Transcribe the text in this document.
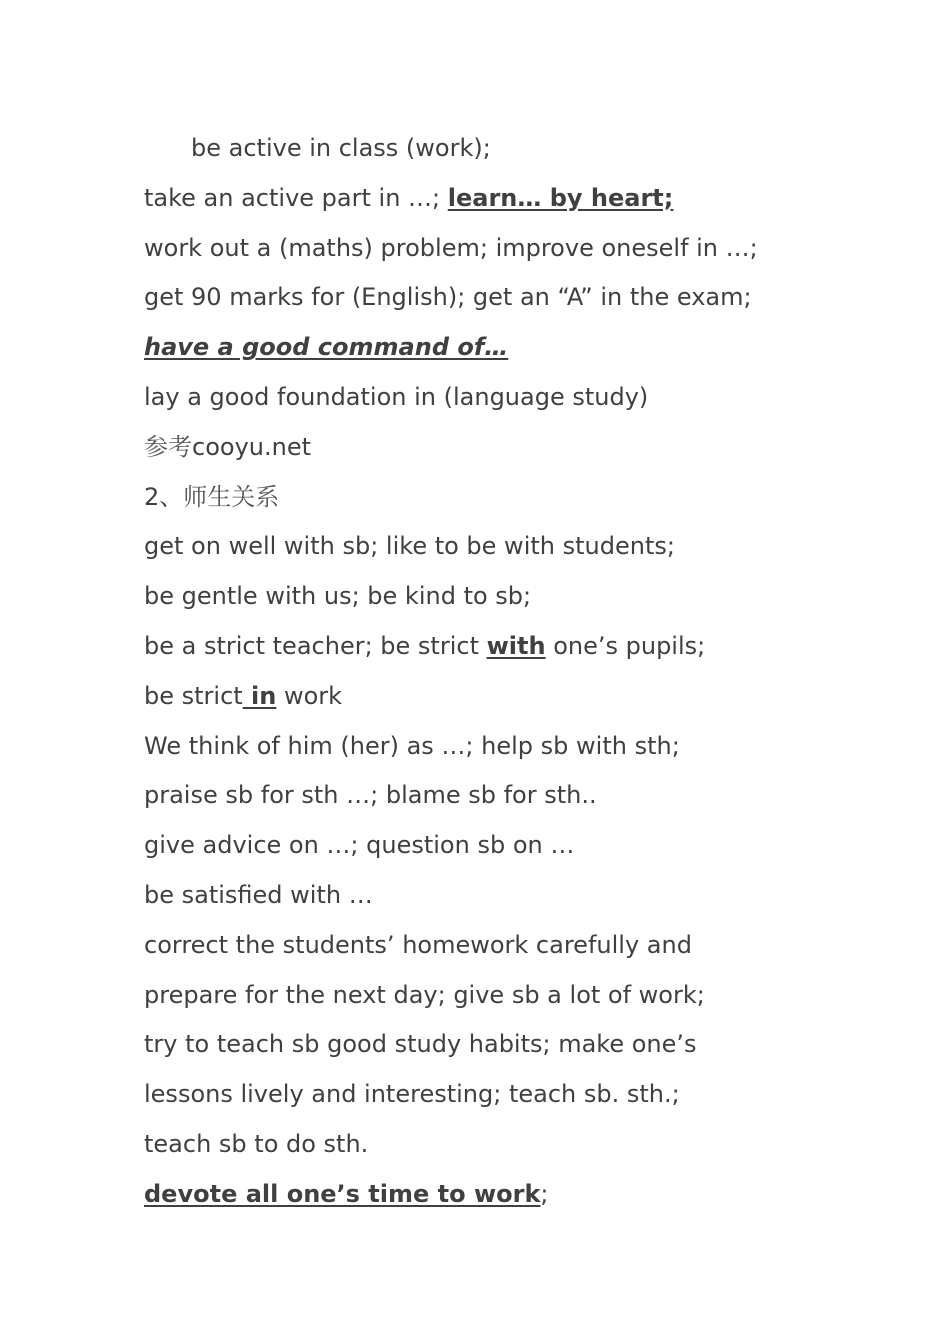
be active in class (work);
take an active part in …; learn… by heart;
work out a (maths) problem; improve oneself in …;
get 90 marks for (English); get an “A” in the exam;
have a good command of…
lay a good foundation in (language study)
参考cooyu.net
2、师生关系
get on well with sb; like to be with students;
be gentle with us; be kind to sb;
be a strict teacher; be strict with one’s pupils;
be strict in work
We think of him (her) as …; help sb with sth;
praise sb for sth …; blame sb for sth..
give advice on …; question sb on …
be satisfied with …
correct the students’ homework carefully and
prepare for the next day; give sb a lot of work;
try to teach sb good study habits; make one’s
lessons lively and interesting; teach sb. sth.;
teach sb to do sth.
devote all one’s time to work;
